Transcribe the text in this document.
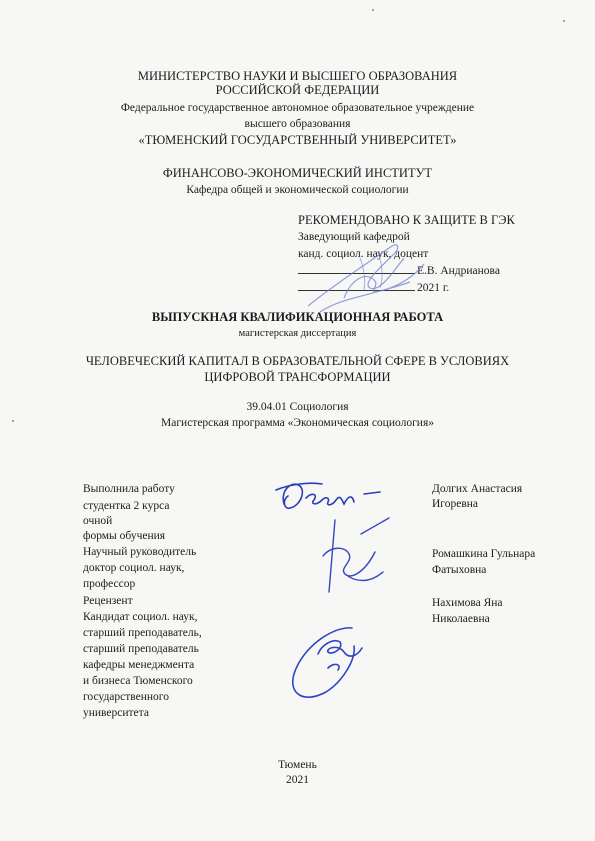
МИНИСТЕРСТВО НАУКИ И ВЫСШЕГО ОБРАЗОВАНИЯ
РОССИЙСКОЙ ФЕДЕРАЦИИ
Федеральное государственное автономное образовательное учреждение
высшего образования
«ТЮМЕНСКИЙ ГОСУДАРСТВЕННЫЙ УНИВЕРСИТЕТ»
ФИНАНСОВО-ЭКОНОМИЧЕСКИЙ ИНСТИТУТ
Кафедра общей и экономической социологии
РЕКОМЕНДОВАНО К ЗАЩИТЕ В ГЭК
Заведующий кафедрой
канд. социол. наук, доцент
Е.В. Андрианова
2021 г.
ВЫПУСКНАЯ КВАЛИФИКАЦИОННАЯ РАБОТА
магистерская диссертация
ЧЕЛОВЕЧЕСКИЙ КАПИТАЛ В ОБРАЗОВАТЕЛЬНОЙ СФЕРЕ В УСЛОВИЯХ
ЦИФРОВОЙ ТРАНСФОРМАЦИИ
39.04.01 Социология
Магистерская программа «Экономическая социология»
Выполнила работу
студентка 2 курса
очной
формы обучения
Долгих Анастасия
Игоревна
Научный руководитель
доктор социол. наук,
профессор
Ромашкина Гульнара
Фатыховна
Рецензент
Кандидат социол. наук,
старший преподаватель,
старший преподаватель
кафедры менеджмента
и бизнеса Тюменского
государственного
университета
Нахимова Яна
Николаевна
Тюмень
2021
